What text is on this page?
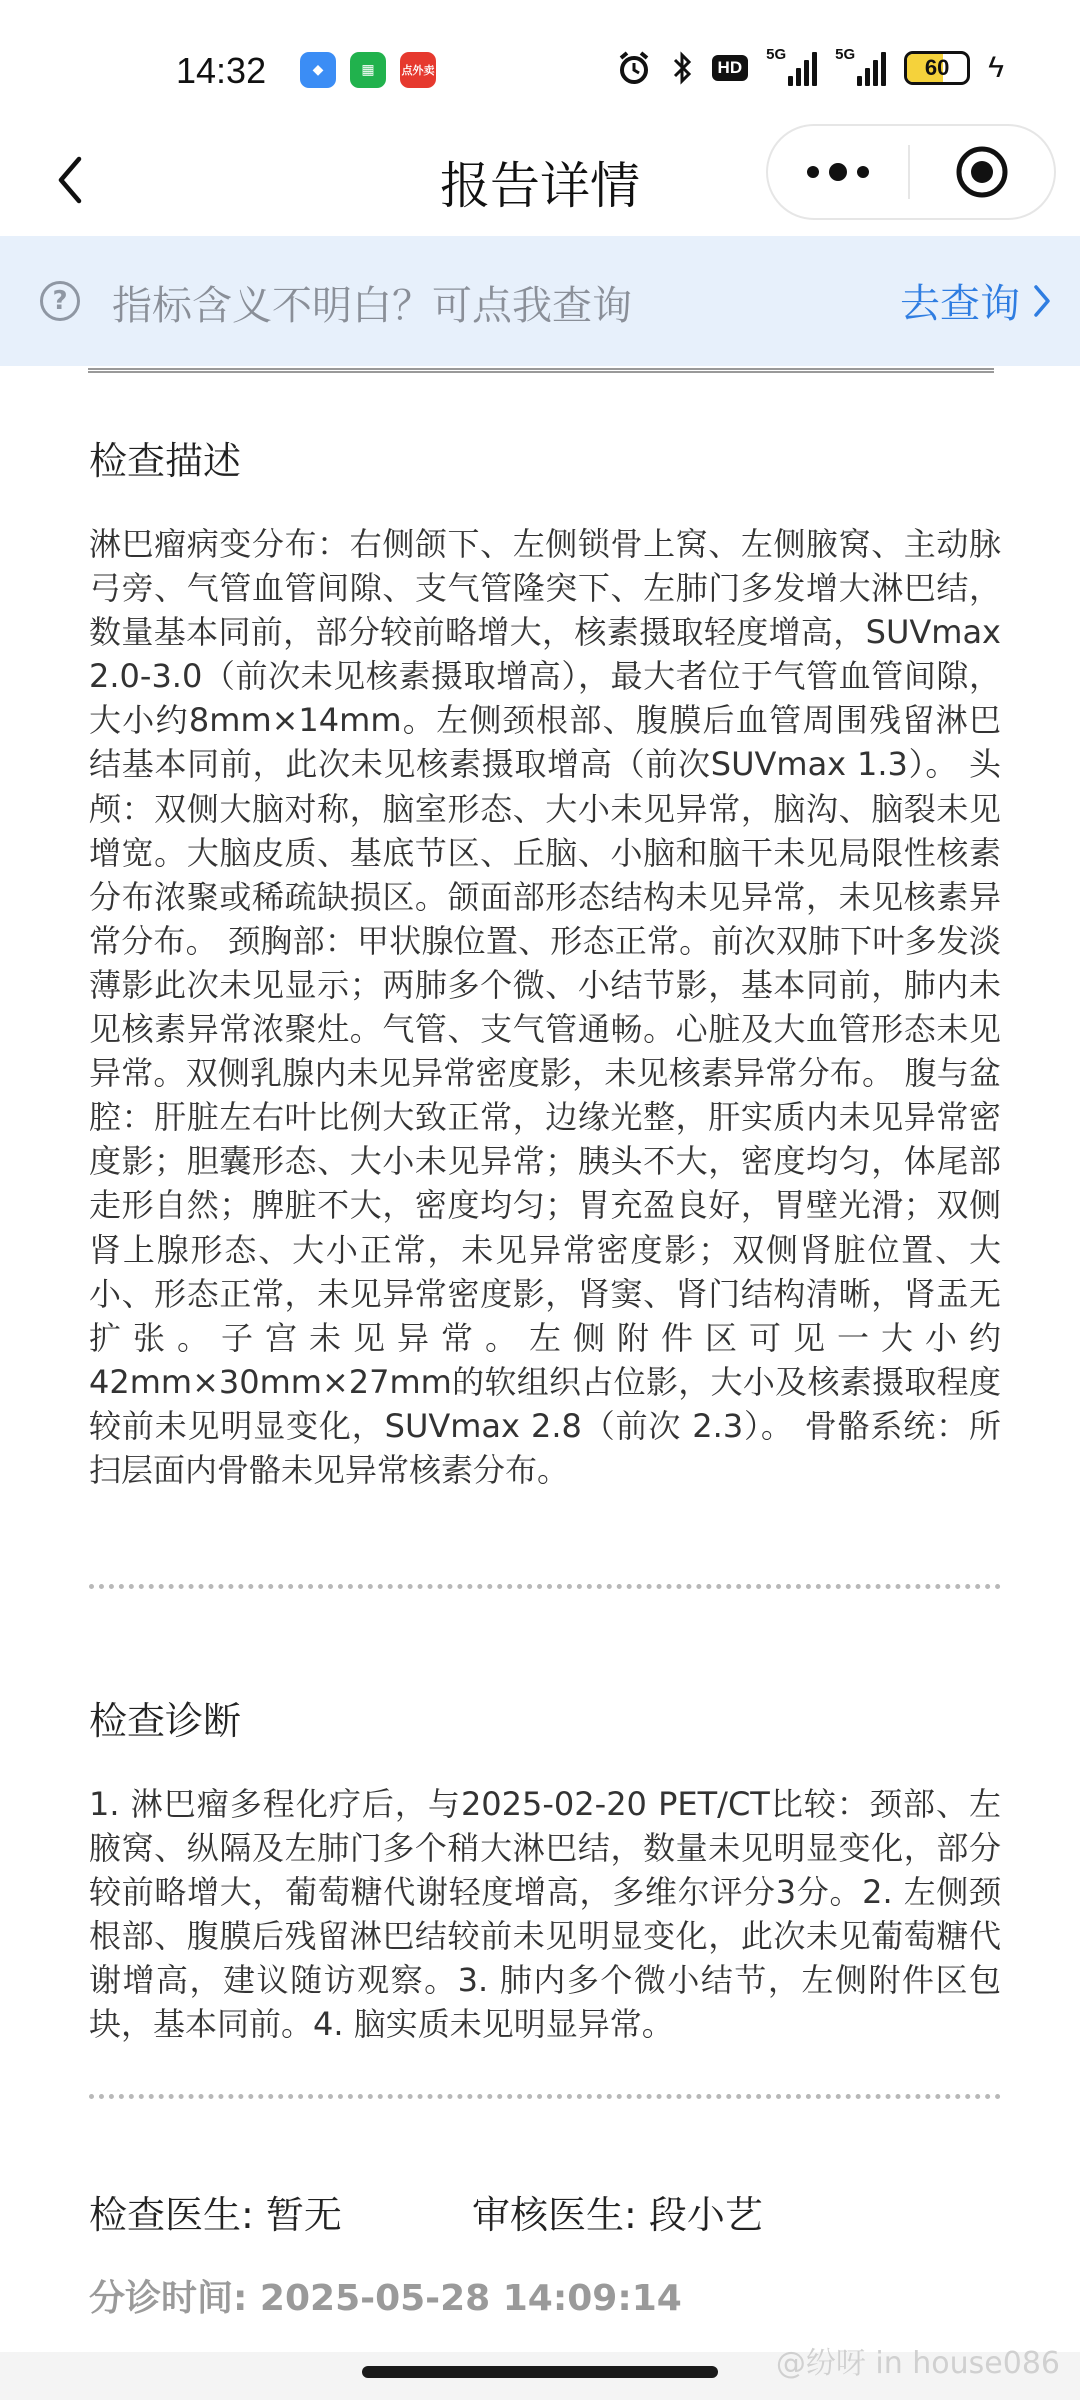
14:32	◆	▦	点外卖	HD
5G	5G
60 ϟ
报告详情
?	指标含义不明白？可点我查询	去查询
检查描述
淋巴瘤病变分布：右侧颌下、左侧锁骨上窝、左侧腋窝、主动脉弓旁、气管血管间隙、支气管隆突下、左肺门多发增大淋巴结，数量基本同前，部分较前略增大，核素摄取轻度增高，SUVmax 2.0-3.0（前次未见核素摄取增高），最大者位于气管血管间隙，大小约8mm×14mm。左侧颈根部、腹膜后血管周围残留淋巴结基本同前，此次未见核素摄取增高（前次SUVmax 1.3）。 头颅：双侧大脑对称，脑室形态、大小未见异常，脑沟、脑裂未见增宽。大脑皮质、基底节区、丘脑、小脑和脑干未见局限性核素分布浓聚或稀疏缺损区。颌面部形态结构未见异常，未见核素异常分布。 颈胸部：甲状腺位置、形态正常。前次双肺下叶多发淡薄影此次未见显示；两肺多个微、小结节影，基本同前，肺内未见核素异常浓聚灶。气管、支气管通畅。心脏及大血管形态未见异常。双侧乳腺内未见异常密度影，未见核素异常分布。 腹与盆腔：肝脏左右叶比例大致正常，边缘光整，肝实质内未见异常密度影；胆囊形态、大小未见异常；胰头不大，密度均匀，体尾部走形自然；脾脏不大，密度均匀；胃充盈良好，胃壁光滑；双侧肾上腺形态、大小正常，未见异常密度影；双侧肾脏位置、大小、形态正常，未见异常密度影，肾窦、肾门结构清晰，肾盂无扩张。子宫未见异常。左侧附件区可见一大小约 42mm×30mm×27mm的软组织占位影，大小及核素摄取程度较前未见明显变化，SUVmax 2.8（前次 2.3）。 骨骼系统：所扫层面内骨骼未见异常核素分布。
检查诊断
1. 淋巴瘤多程化疗后，与2025-02-20 PET/CT比较：颈部、左腋窝、纵隔及左肺门多个稍大淋巴结，数量未见明显变化，部分较前略增大，葡萄糖代谢轻度增高，多维尔评分3分。2. 左侧颈根部、腹膜后残留淋巴结较前未见明显变化，此次未见葡萄糖代谢增高，建议随访观察。3. 肺内多个微小结节，左侧附件区包块，基本同前。4. 脑实质未见明显异常。
检查医生: 暂无	审核医生: 段小艺
分诊时间: 2025-05-28 14:09:14
@纷呀 in house086
